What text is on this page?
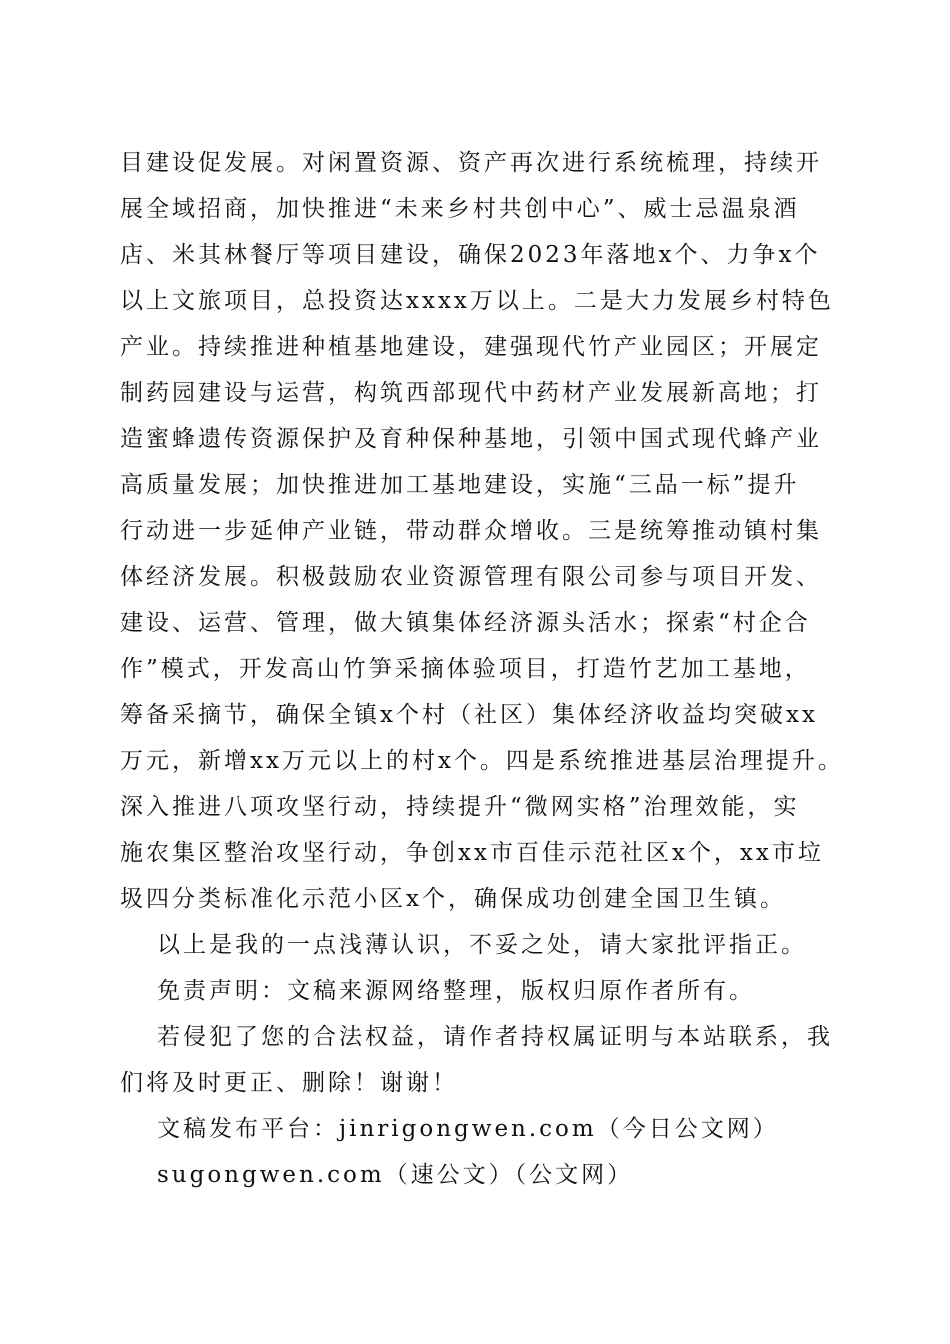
目建设促发展。对闲置资源、资产再次进行系统梳理，持续开
展全域招商，加快推进“未来乡村共创中心”、威士忌温泉酒
店、米其林餐厅等项目建设，确保2023年落地x个、力争x个
以上文旅项目，总投资达xxxx万以上。二是大力发展乡村特色
产业。持续推进种植基地建设，建强现代竹产业园区；开展定
制药园建设与运营，构筑西部现代中药材产业发展新高地；打
造蜜蜂遗传资源保护及育种保种基地，引领中国式现代蜂产业
高质量发展；加快推进加工基地建设，实施“三品一标”提升
行动进一步延伸产业链，带动群众增收。三是统筹推动镇村集
体经济发展。积极鼓励农业资源管理有限公司参与项目开发、
建设、运营、管理，做大镇集体经济源头活水；探索“村企合
作”模式，开发高山竹笋采摘体验项目，打造竹艺加工基地，
筹备采摘节，确保全镇x个村（社区）集体经济收益均突破xx
万元，新增xx万元以上的村x个。四是系统推进基层治理提升。
深入推进八项攻坚行动，持续提升“微网实格”治理效能，实
施农集区整治攻坚行动，争创xx市百佳示范社区x个，xx市垃
圾四分类标准化示范小区x个，确保成功创建全国卫生镇。
以上是我的一点浅薄认识，不妥之处，请大家批评指正。
免责声明：文稿来源网络整理，版权归原作者所有。
若侵犯了您的合法权益，请作者持权属证明与本站联系，我
们将及时更正、删除！谢谢！
文稿发布平台：jinrigongwen.com（今日公文网）
sugongwen.com（速公文）（公文网）
